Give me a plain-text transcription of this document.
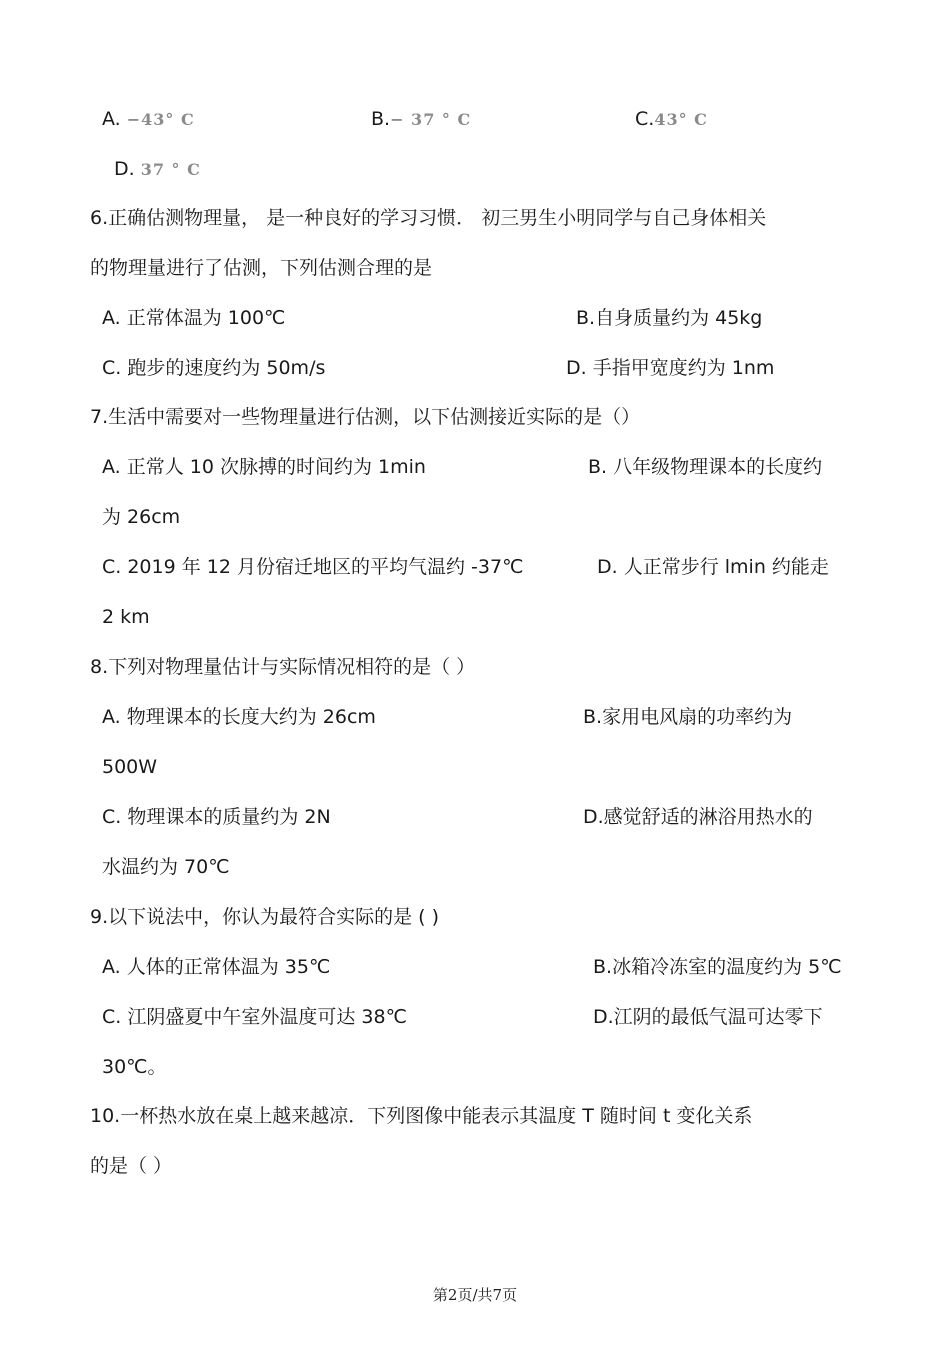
A. −43° C	B.− 37 ° C	C.43° C
D. 37 ° C
6.正确估测物理量， 是一种良好的学习习惯． 初三男生小明同学与自己身体相关
的物理量进行了估测，下列估测合理的是
A. 正常体温为 100℃	B.自身质量约为 45kg
C. 跑步的速度约为 50m/s	D. 手指甲宽度约为 1nm
7.生活中需要对一些物理量进行估测，以下估测接近实际的是（）
A. 正常人 10 次脉搏的时间约为 1min	B. 八年级物理课本的长度约
为 26cm
C. 2019 年 12 月份宿迁地区的平均气温约 -37℃	D. 人正常步行 lmin 约能走
2 km
8.下列对物理量估计与实际情况相符的是（ ）
A. 物理课本的长度大约为 26cm	B.家用电风扇的功率约为
500W
C. 物理课本的质量约为 2N	D.感觉舒适的淋浴用热水的
水温约为 70℃
9.以下说法中，你认为最符合实际的是 ( )
A. 人体的正常体温为 35℃	B.冰箱冷冻室的温度约为 5℃
C. 江阴盛夏中午室外温度可达 38℃	D.江阴的最低气温可达零下
30℃。
10.一杯热水放在桌上越来越凉．下列图像中能表示其温度 T 随时间 t 变化关系
的是（ ）
第2页/共7页
